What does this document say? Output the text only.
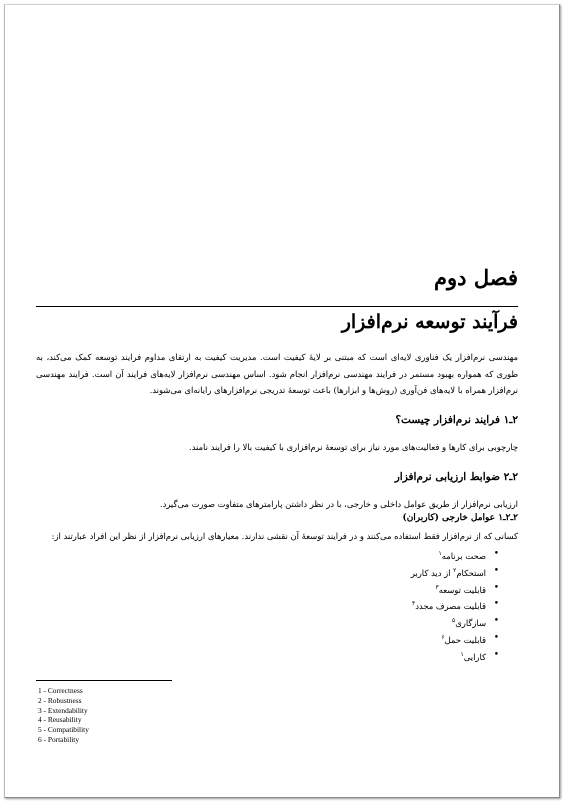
فصل دوم
فرآیند توسعه نرم‌افزار
مهندسی نرم‌افزار یک فناوری لایه‌ای است که مبتنی بر لایهٔ کیفیت است. مدیریت کیفیت به ارتقای مداوم فرایند توسعه کمک می‌کند، به طوری که همواره بهبود مستمر در فرایند مهندسی نرم‌افزار انجام شود. اساس مهندسی نرم‌افزار لایه‌های فرایند آن است. فرایند مهندسی نرم‌افزار همراه با لایه‌های فن‌آوری (روش‌ها و ابزارها) باعث توسعهٔ تدریجی نرم‌افزارهای رایانه‌ای می‌شوند.
۲ـ۱ فرایند نرم‌افزار چیست؟
چارچوبی برای کارها و فعالیت‌های مورد نیاز برای توسعهٔ نرم‌افزاری با کیفیت بالا را فرایند نامند.
۲ـ۲ ضوابط ارزیابی نرم‌افزار
ارزیابی نرم‌افزار از طریق عوامل داخلی و خارجی، با در نظر داشتن پارامترهای متفاوت صورت می‌گیرد.
۲ـ۲ـ۱ عوامل خارجی (کاربران)
کسانی که از نرم‌افزار فقط استفاده می‌کنند و در فرایند توسعهٔ آن نقشی ندارند. معیارهای ارزیابی نرم‌افزار از نظر این افراد عبارتند از:
• صحت برنامه$^۱$
• استحکام$^۲$ از دید کاربر
• قابلیت توسعه$^۳$
• قابلیت مصرف مجدد$^۴$
• سازگاری$^۵$
• قابلیت حمل$^۶$
• کارایی$^۱$
1 - Correctness
2 - Robustness
3 - Extendability
4 - Reusability
5 - Compatibility
6 - Portability
